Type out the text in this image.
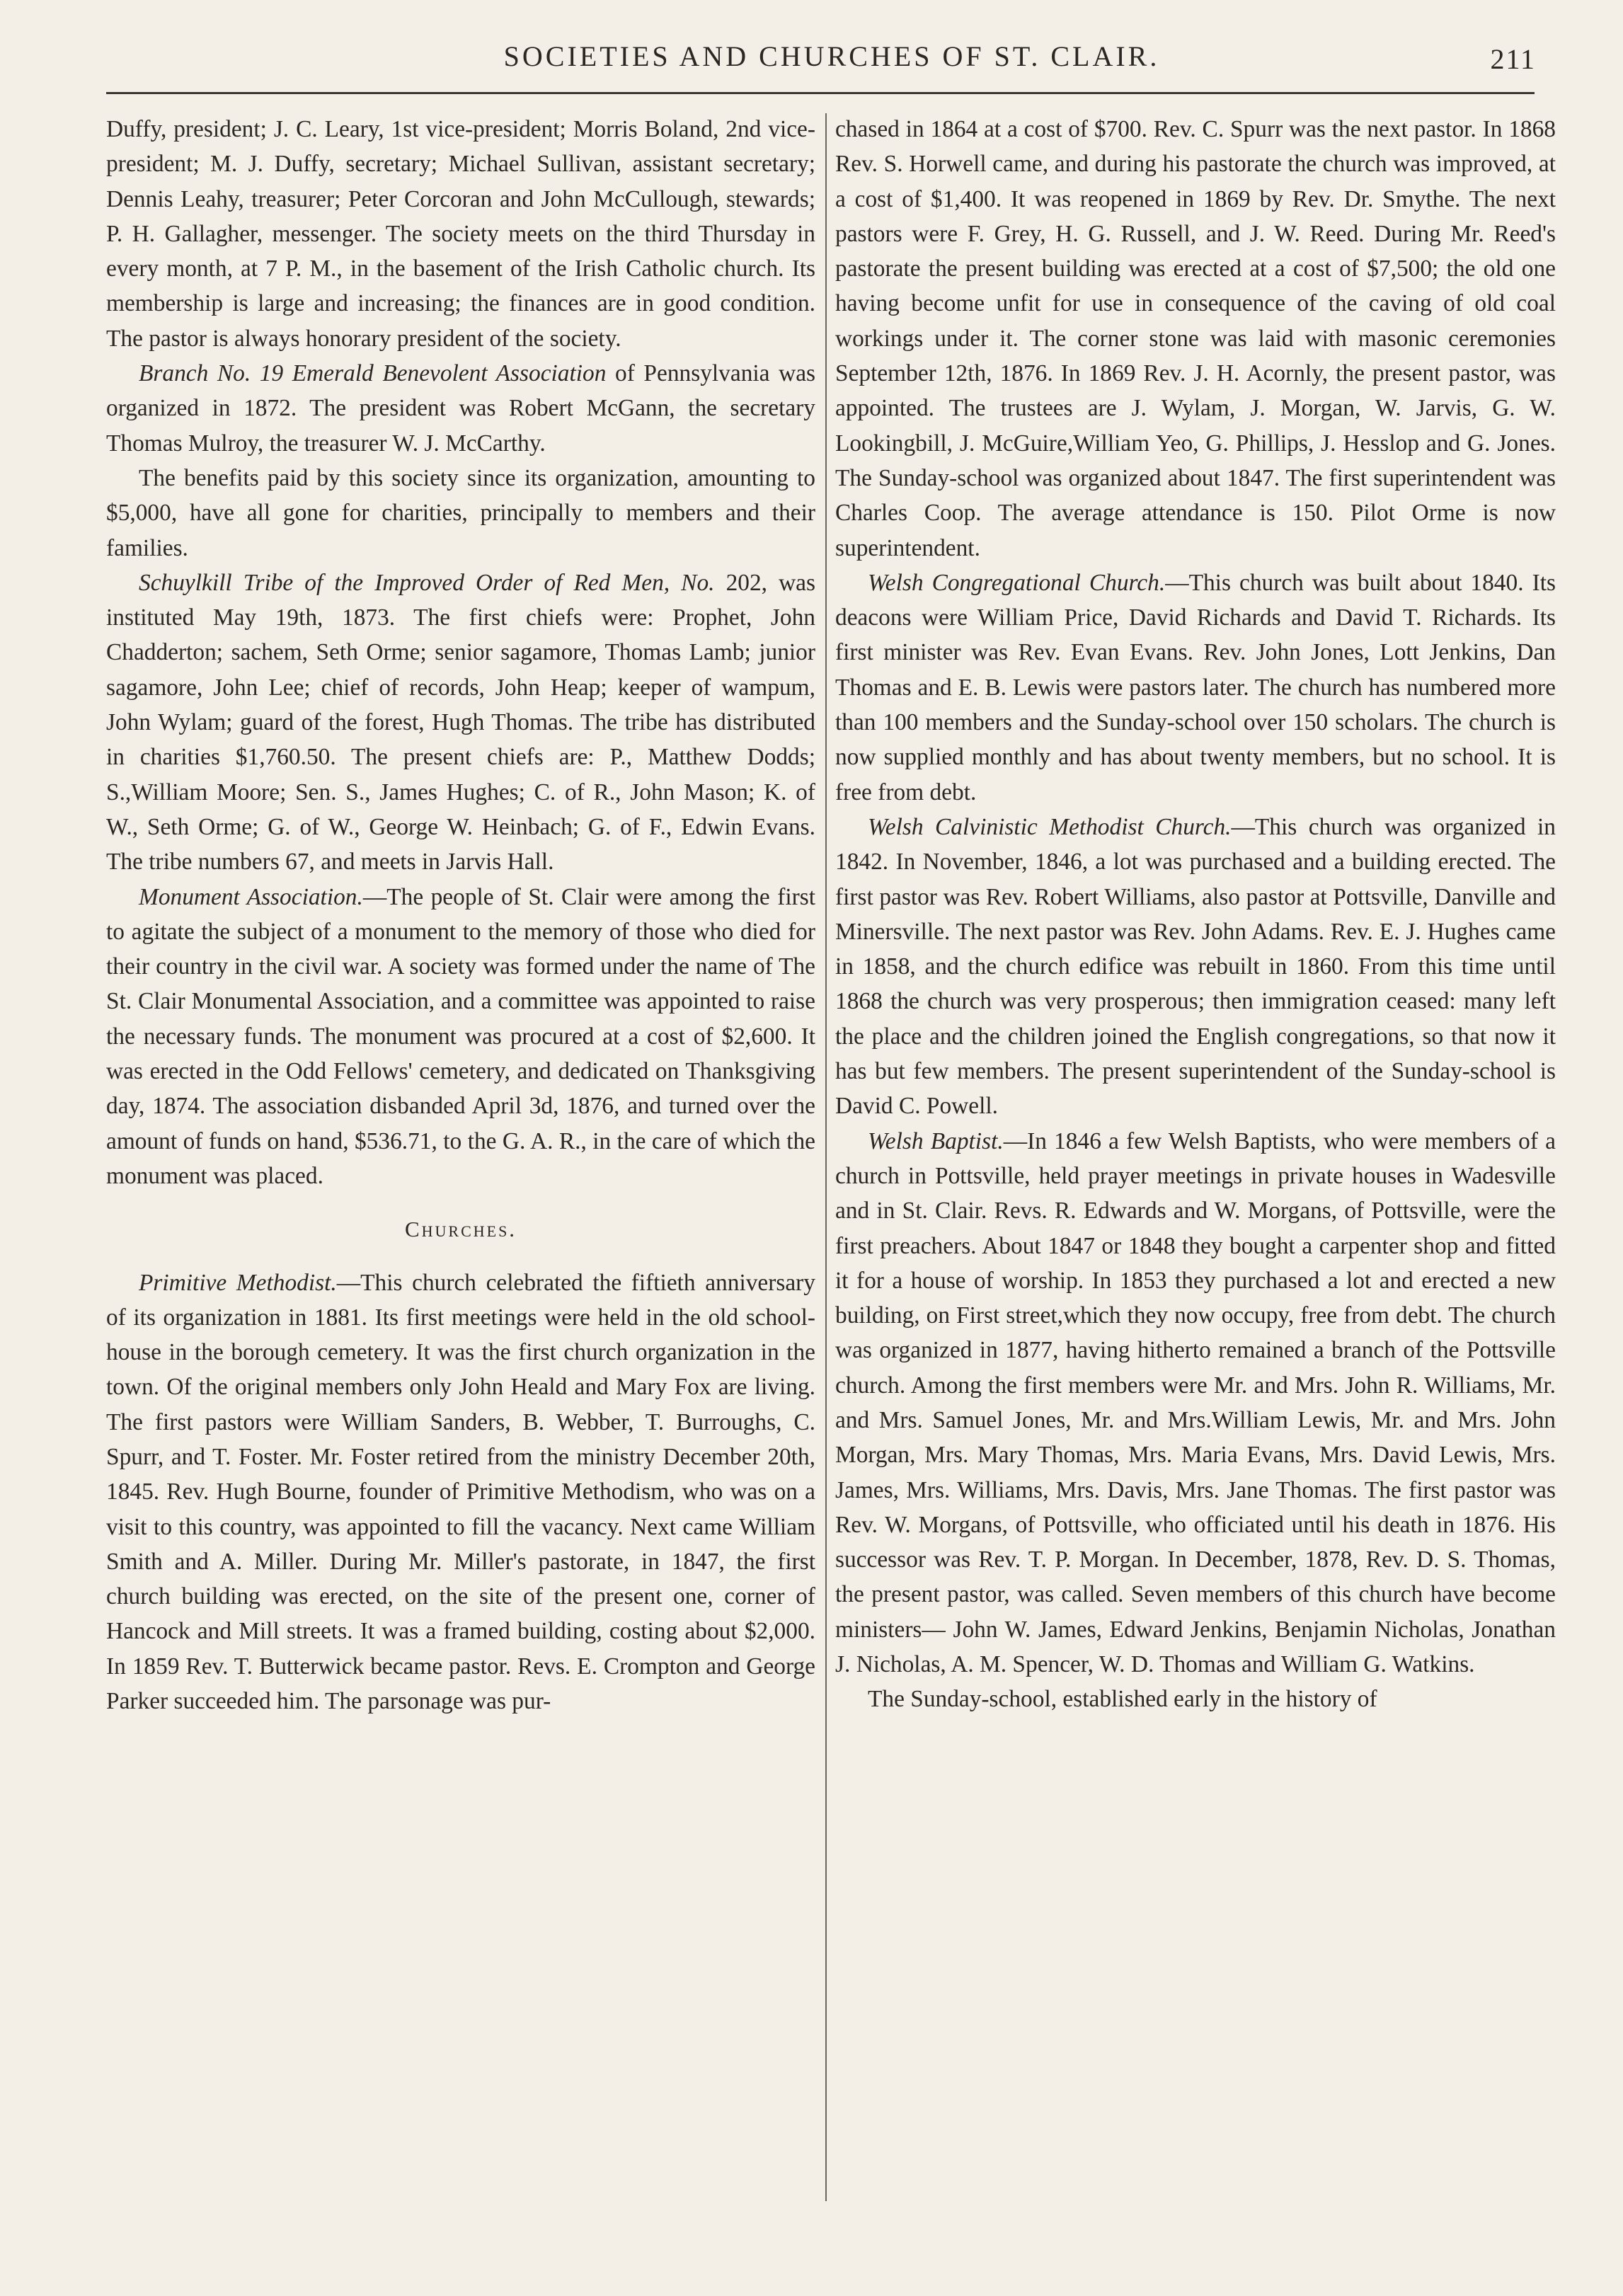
SOCIETIES AND CHURCHES OF ST. CLAIR.	211

Duffy, president; J. C. Leary, 1st vice-president; Morris Boland, 2nd vice-president; M. J. Duffy, secretary; Michael Sullivan, assistant secretary; Dennis Leahy, treasurer; Peter Corcoran and John McCullough, stewards; P. H. Gallagher, messenger. The society meets on the third Thursday in every month, at 7 P. M., in the basement of the Irish Catholic church. Its membership is large and increasing; the finances are in good condition. The pastor is always honorary president of the society.

Branch No. 19 Emerald Benevolent Association of Pennsylvania was organized in 1872. The president was Robert McGann, the secretary Thomas Mulroy, the treasurer W. J. McCarthy.

The benefits paid by this society since its organization, amounting to $5,000, have all gone for charities, principally to members and their families.

Schuylkill Tribe of the Improved Order of Red Men, No. 202, was instituted May 19th, 1873. The first chiefs were: Prophet, John Chadderton; sachem, Seth Orme; senior sagamore, Thomas Lamb; junior sagamore, John Lee; chief of records, John Heap; keeper of wampum, John Wylam; guard of the forest, Hugh Thomas. The tribe has distributed in charities $1,760.50. The present chiefs are: P., Matthew Dodds; S.,William Moore; Sen. S., James Hughes; C. of R., John Mason; K. of W., Seth Orme; G. of W., George W. Heinbach; G. of F., Edwin Evans. The tribe numbers 67, and meets in Jarvis Hall.

Monument Association.—The people of St. Clair were among the first to agitate the subject of a monument to the memory of those who died for their country in the civil war. A society was formed under the name of The St. Clair Monumental Association, and a committee was appointed to raise the necessary funds. The monument was procured at a cost of $2,600. It was erected in the Odd Fellows' cemetery, and dedicated on Thanksgiving day, 1874. The association disbanded April 3d, 1876, and turned over the amount of funds on hand, $536.71, to the G. A. R., in the care of which the monument was placed.

Churches.

Primitive Methodist.—This church celebrated the fiftieth anniversary of its organization in 1881. Its first meetings were held in the old school-house in the borough cemetery. It was the first church organization in the town. Of the original members only John Heald and Mary Fox are living. The first pastors were William Sanders, B. Webber, T. Burroughs, C. Spurr, and T. Foster. Mr. Foster retired from the ministry December 20th, 1845. Rev. Hugh Bourne, founder of Primitive Methodism, who was on a visit to this country, was appointed to fill the vacancy. Next came William Smith and A. Miller. During Mr. Miller's pastorate, in 1847, the first church building was erected, on the site of the present one, corner of Hancock and Mill streets. It was a framed building, costing about $2,000. In 1859 Rev. T. Butterwick became pastor. Revs. E. Crompton and George Parker succeeded him. The parsonage was pur-

chased in 1864 at a cost of $700. Rev. C. Spurr was the next pastor. In 1868 Rev. S. Horwell came, and during his pastorate the church was improved, at a cost of $1,400. It was reopened in 1869 by Rev. Dr. Smythe. The next pastors were F. Grey, H. G. Russell, and J. W. Reed. During Mr. Reed's pastorate the present building was erected at a cost of $7,500; the old one having become unfit for use in consequence of the caving of old coal workings under it. The corner stone was laid with masonic ceremonies September 12th, 1876. In 1869 Rev. J. H. Acornly, the present pastor, was appointed. The trustees are J. Wylam, J. Morgan, W. Jarvis, G. W. Lookingbill, J. McGuire,William Yeo, G. Phillips, J. Hesslop and G. Jones. The Sunday-school was organized about 1847. The first superintendent was Charles Coop. The average attendance is 150. Pilot Orme is now superintendent.

Welsh Congregational Church.—This church was built about 1840. Its deacons were William Price, David Richards and David T. Richards. Its first minister was Rev. Evan Evans. Rev. John Jones, Lott Jenkins, Dan Thomas and E. B. Lewis were pastors later. The church has numbered more than 100 members and the Sunday-school over 150 scholars. The church is now supplied monthly and has about twenty members, but no school. It is free from debt.

Welsh Calvinistic Methodist Church.—This church was organized in 1842. In November, 1846, a lot was purchased and a building erected. The first pastor was Rev. Robert Williams, also pastor at Pottsville, Danville and Minersville. The next pastor was Rev. John Adams. Rev. E. J. Hughes came in 1858, and the church edifice was rebuilt in 1860. From this time until 1868 the church was very prosperous; then immigration ceased: many left the place and the children joined the English congregations, so that now it has but few members. The present superintendent of the Sunday-school is David C. Powell.

Welsh Baptist.—In 1846 a few Welsh Baptists, who were members of a church in Pottsville, held prayer meetings in private houses in Wadesville and in St. Clair. Revs. R. Edwards and W. Morgans, of Pottsville, were the first preachers. About 1847 or 1848 they bought a carpenter shop and fitted it for a house of worship. In 1853 they purchased a lot and erected a new building, on First street,which they now occupy, free from debt. The church was organized in 1877, having hitherto remained a branch of the Pottsville church. Among the first members were Mr. and Mrs. John R. Williams, Mr. and Mrs. Samuel Jones, Mr. and Mrs.William Lewis, Mr. and Mrs. John Morgan, Mrs. Mary Thomas, Mrs. Maria Evans, Mrs. David Lewis, Mrs. James, Mrs. Williams, Mrs. Davis, Mrs. Jane Thomas. The first pastor was Rev. W. Morgans, of Pottsville, who officiated until his death in 1876. His successor was Rev. T. P. Morgan. In December, 1878, Rev. D. S. Thomas, the present pastor, was called. Seven members of this church have become ministers— John W. James, Edward Jenkins, Benjamin Nicholas, Jonathan J. Nicholas, A. M. Spencer, W. D. Thomas and William G. Watkins.

The Sunday-school, established early in the history of
